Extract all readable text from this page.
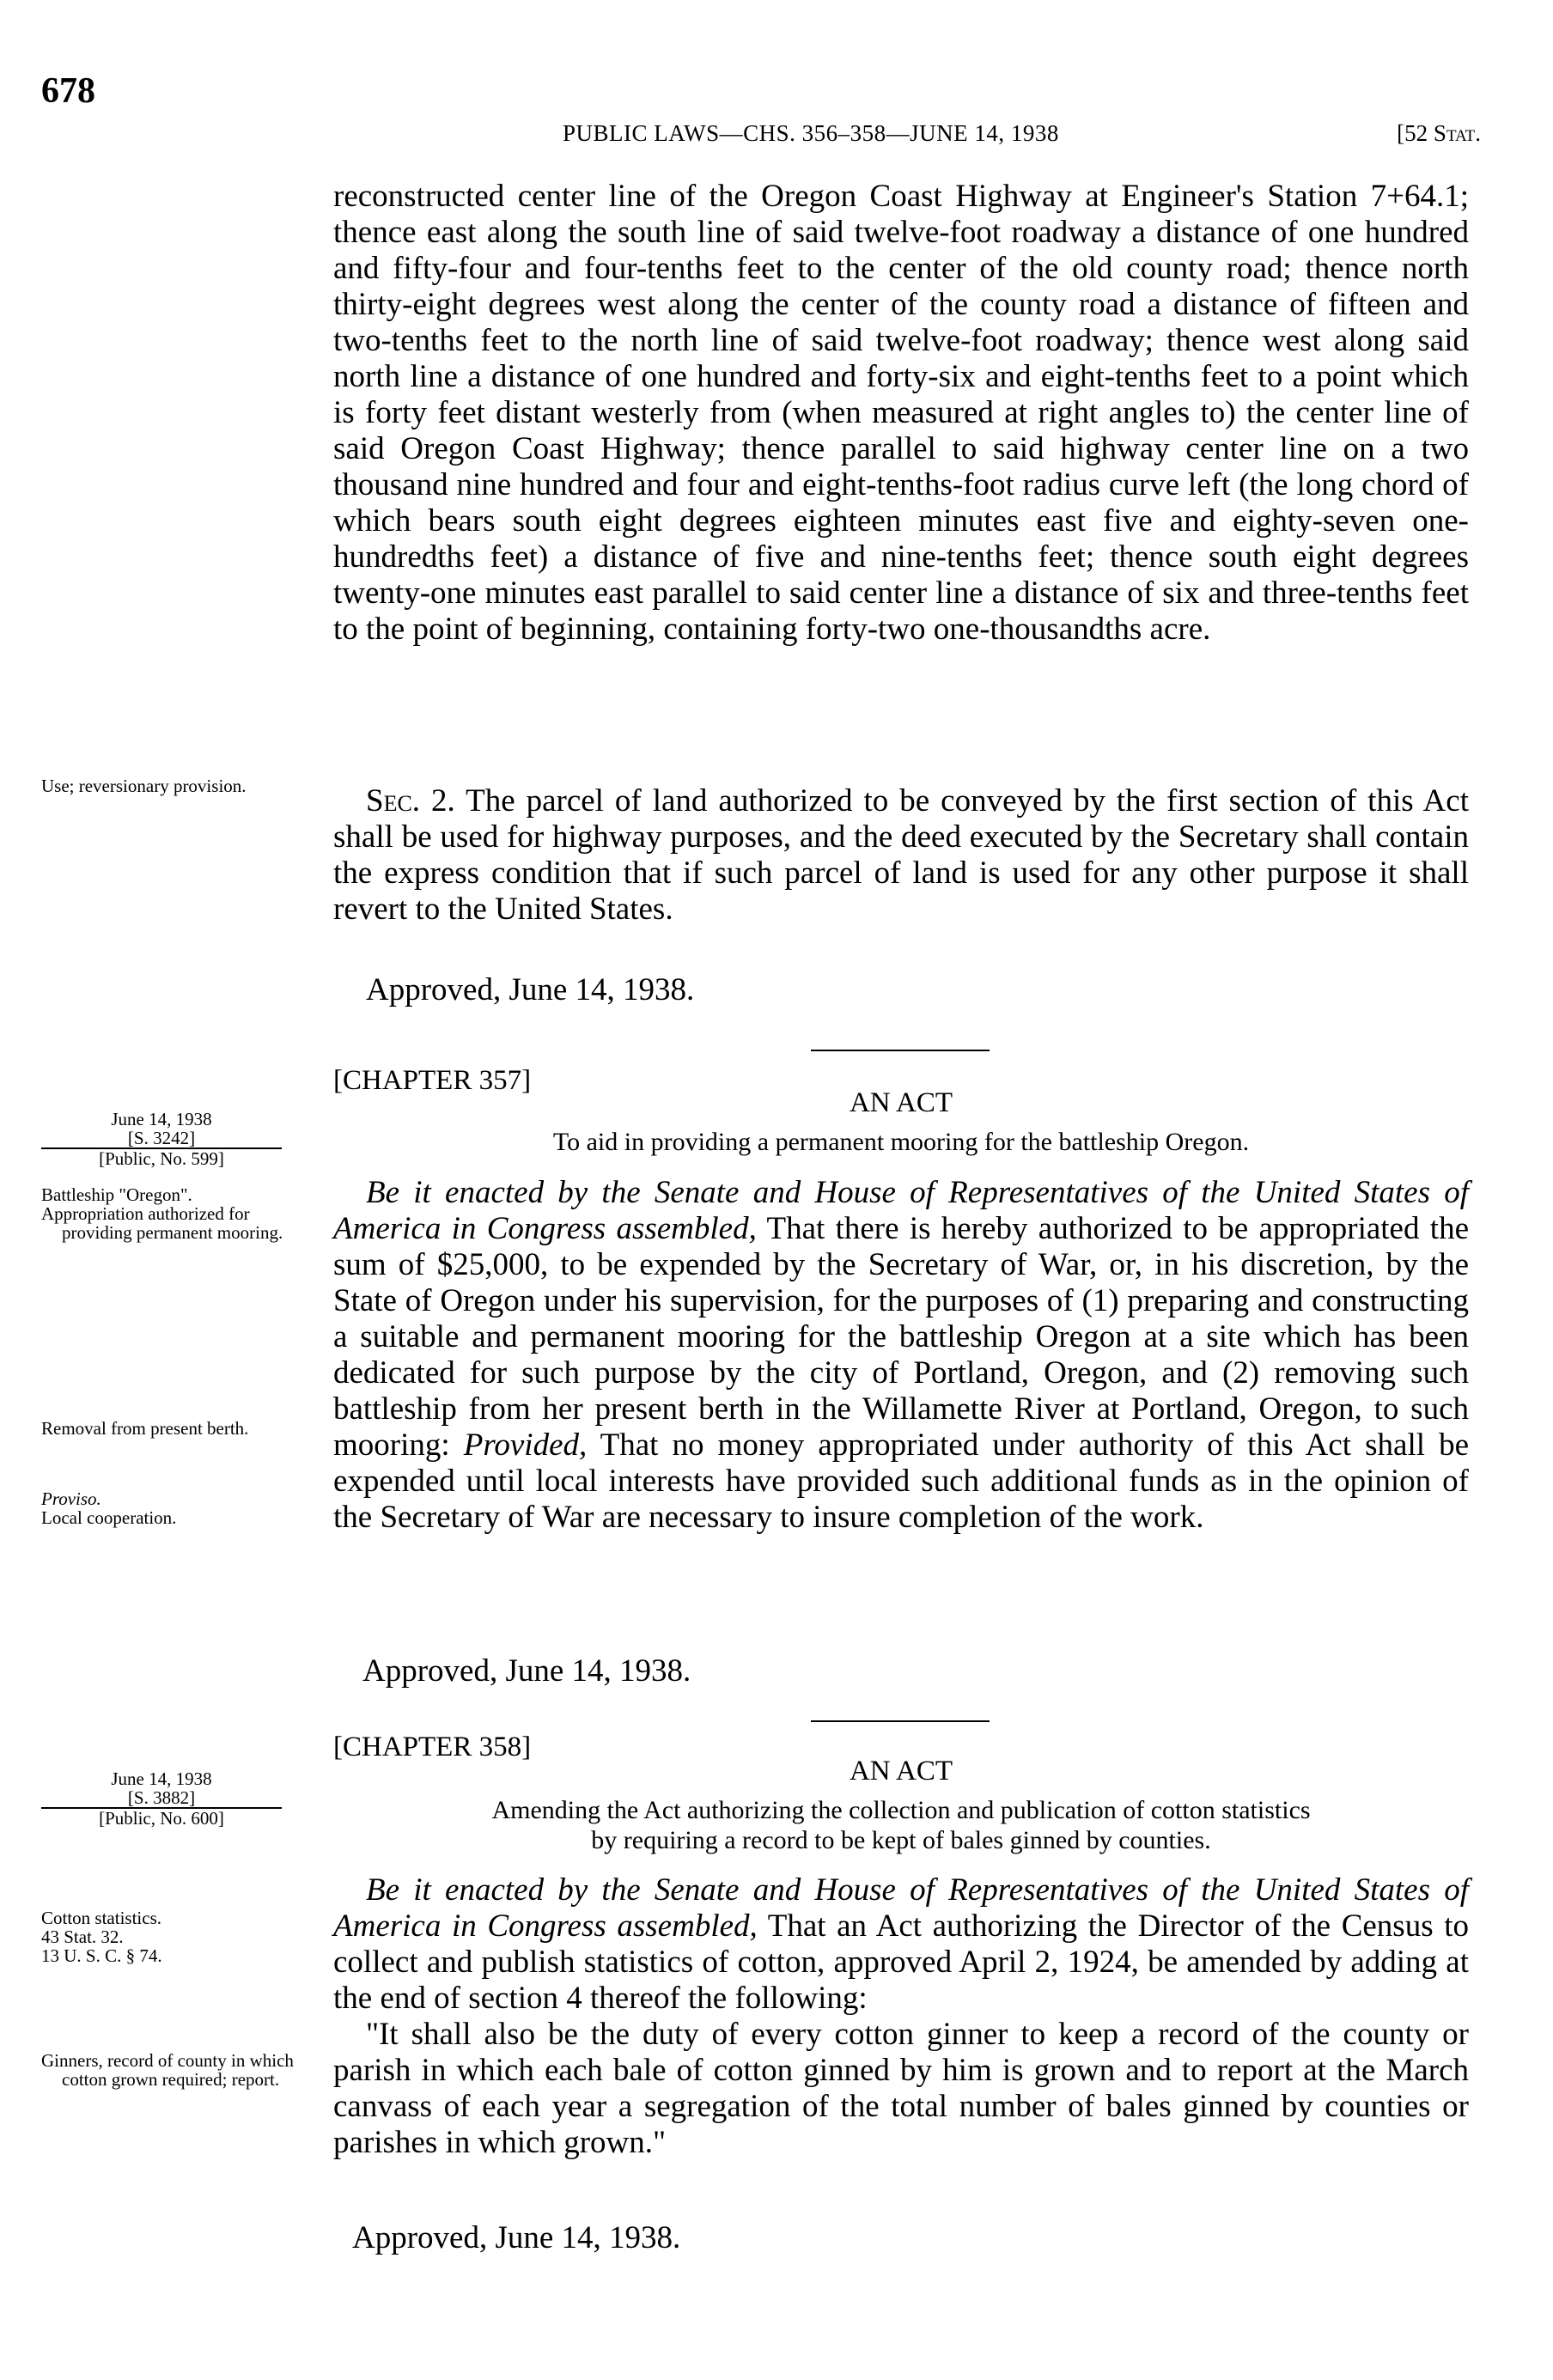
678
PUBLIC LAWS—CHS. 356–358—JUNE 14, 1938	[52 Stat.

reconstructed center line of the Oregon Coast Highway at Engineer's Station 7+64.1; thence east along the south line of said twelve-foot roadway a distance of one hundred and fifty-four and four-tenths feet to the center of the old county road; thence north thirty-eight degrees west along the center of the county road a distance of fifteen and two-tenths feet to the north line of said twelve-foot roadway; thence west along said north line a distance of one hundred and forty-six and eight-tenths feet to a point which is forty feet distant westerly from (when measured at right angles to) the center line of said Oregon Coast Highway; thence parallel to said highway center line on a two thousand nine hundred and four and eight-tenths-foot radius curve left (the long chord of which bears south eight degrees eighteen minutes east five and eighty-seven one-hundredths feet) a distance of five and nine-tenths feet; thence south eight degrees twenty-one minutes east parallel to said center line a distance of six and three-tenths feet to the point of beginning, containing forty-two one-thousandths acre.

Sec. 2. The parcel of land authorized to be conveyed by the first section of this Act shall be used for highway purposes, and the deed executed by the Secretary shall contain the express condition that if such parcel of land is used for any other purpose it shall revert to the United States.

Approved, June 14, 1938.

Use; reversionary provision.

[CHAPTER 357]
AN ACT
To aid in providing a permanent mooring for the battleship Oregon.

June 14, 1938

[S. 3242]

[Public, No. 599]

Battleship "Oregon".

Appropriation authorized for providing permanent mooring.

Removal from present berth.

Proviso.

Local cooperation.

Be it enacted by the Senate and House of Representatives of the United States of America in Congress assembled, That there is hereby authorized to be appropriated the sum of $25,000, to be expended by the Secretary of War, or, in his discretion, by the State of Oregon under his supervision, for the purposes of (1) preparing and constructing a suitable and permanent mooring for the battleship Oregon at a site which has been dedicated for such purpose by the city of Portland, Oregon, and (2) removing such battleship from her present berth in the Willamette River at Portland, Oregon, to such mooring: Provided, That no money appropriated under authority of this Act shall be expended until local interests have provided such additional funds as in the opinion of the Secretary of War are necessary to insure completion of the work.

Approved, June 14, 1938.
[CHAPTER 358]
AN ACT
Amending the Act authorizing the collection and publication of cotton statistics
by requiring a record to be kept of bales ginned by counties.

June 14, 1938

[S. 3882]

[Public, No. 600]

Cotton statistics.

43 Stat. 32.

13 U. S. C. § 74.

Ginners, record of county in which cotton grown required; report.

Be it enacted by the Senate and House of Representatives of the United States of America in Congress assembled, That an Act authorizing the Director of the Census to collect and publish statistics of cotton, approved April 2, 1924, be amended by adding at the end of section 4 thereof the following:

"It shall also be the duty of every cotton ginner to keep a record of the county or parish in which each bale of cotton ginned by him is grown and to report at the March canvass of each year a segregation of the total number of bales ginned by counties or parishes in which grown."

Approved, June 14, 1938.
